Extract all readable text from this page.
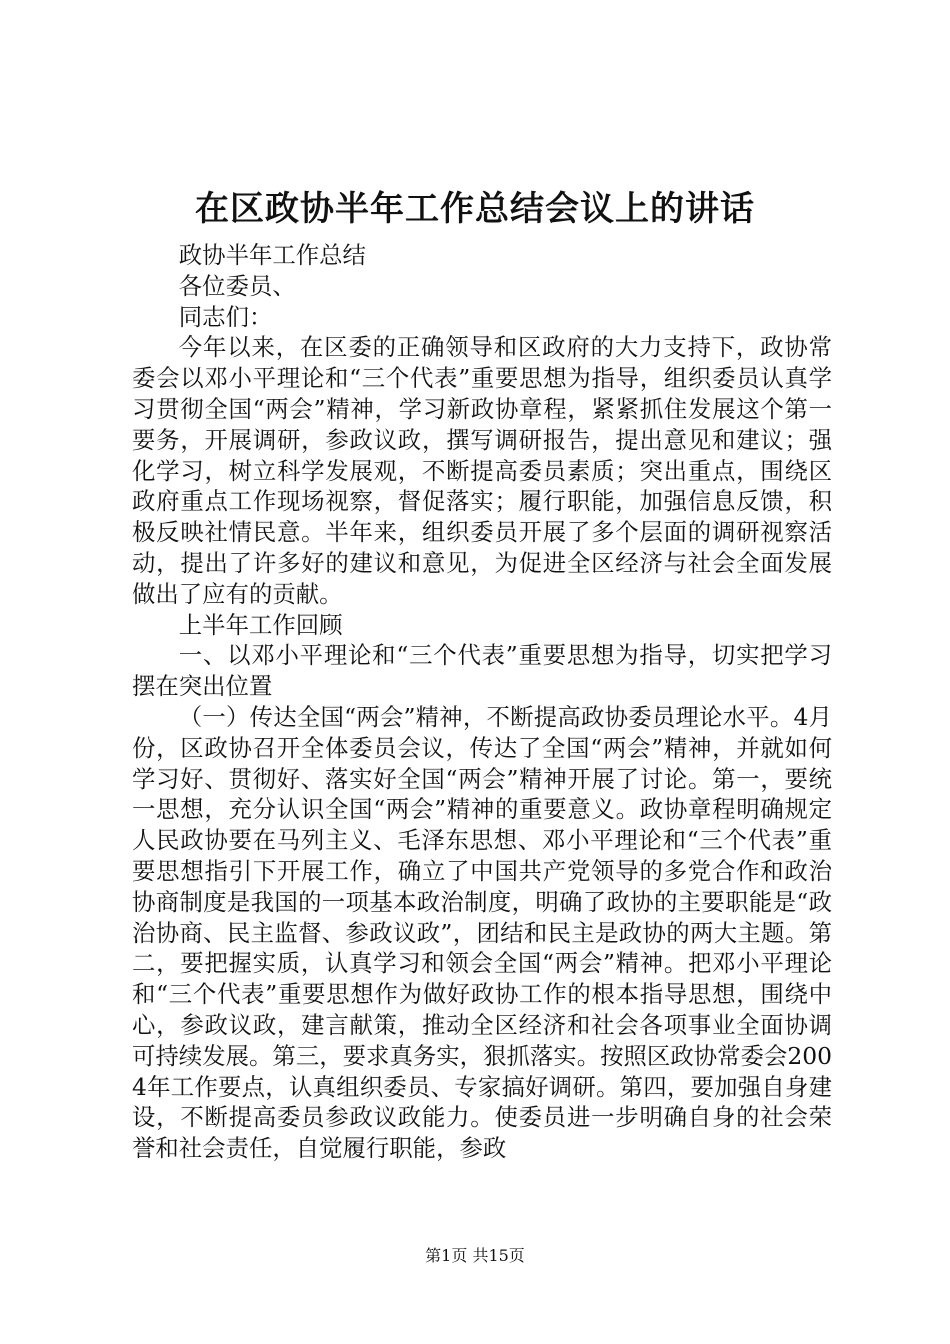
在区政协半年工作总结会议上的讲话

政协半年工作总结

各位委员、

同志们：

今年以来，在区委的正确领导和区政府的大力支持下，政协常委会以邓小平理论和“三个代表”重要思想为指导，组织委员认真学习贯彻全国“两会”精神，学习新政协章程，紧紧抓住发展这个第一要务，开展调研，参政议政，撰写调研报告，提出意见和建议；强化学习，树立科学发展观，不断提高委员素质；突出重点，围绕区政府重点工作现场视察，督促落实；履行职能，加强信息反馈，积极反映社情民意。半年来，组织委员开展了多个层面的调研视察活动，提出了许多好的建议和意见，为促进全区经济与社会全面发展做出了应有的贡献。

上半年工作回顾

一、以邓小平理论和“三个代表”重要思想为指导，切实把学习摆在突出位置

（一）传达全国“两会”精神，不断提高政协委员理论水平。4月份，区政协召开全体委员会议，传达了全国“两会”精神，并就如何学习好、贯彻好、落实好全国“两会”精神开展了讨论。第一，要统一思想，充分认识全国“两会”精神的重要意义。政协章程明确规定人民政协要在马列主义、毛泽东思想、邓小平理论和“三个代表”重要思想指引下开展工作，确立了中国共产党领导的多党合作和政治协商制度是我国的一项基本政治制度，明确了政协的主要职能是“政治协商、民主监督、参政议政”，团结和民主是政协的两大主题。第二，要把握实质，认真学习和领会全国“两会”精神。把邓小平理论和“三个代表”重要思想作为做好政协工作的根本指导思想，围绕中心，参政议政，建言献策，推动全区经济和社会各项事业全面协调可持续发展。第三，要求真务实，狠抓落实。按照区政协常委会2004年工作要点，认真组织委员、专家搞好调研。第四，要加强自身建设，不断提高委员参政议政能力。使委员进一步明确自身的社会荣誉和社会责任，自觉履行职能，参政

第1页 共15页
